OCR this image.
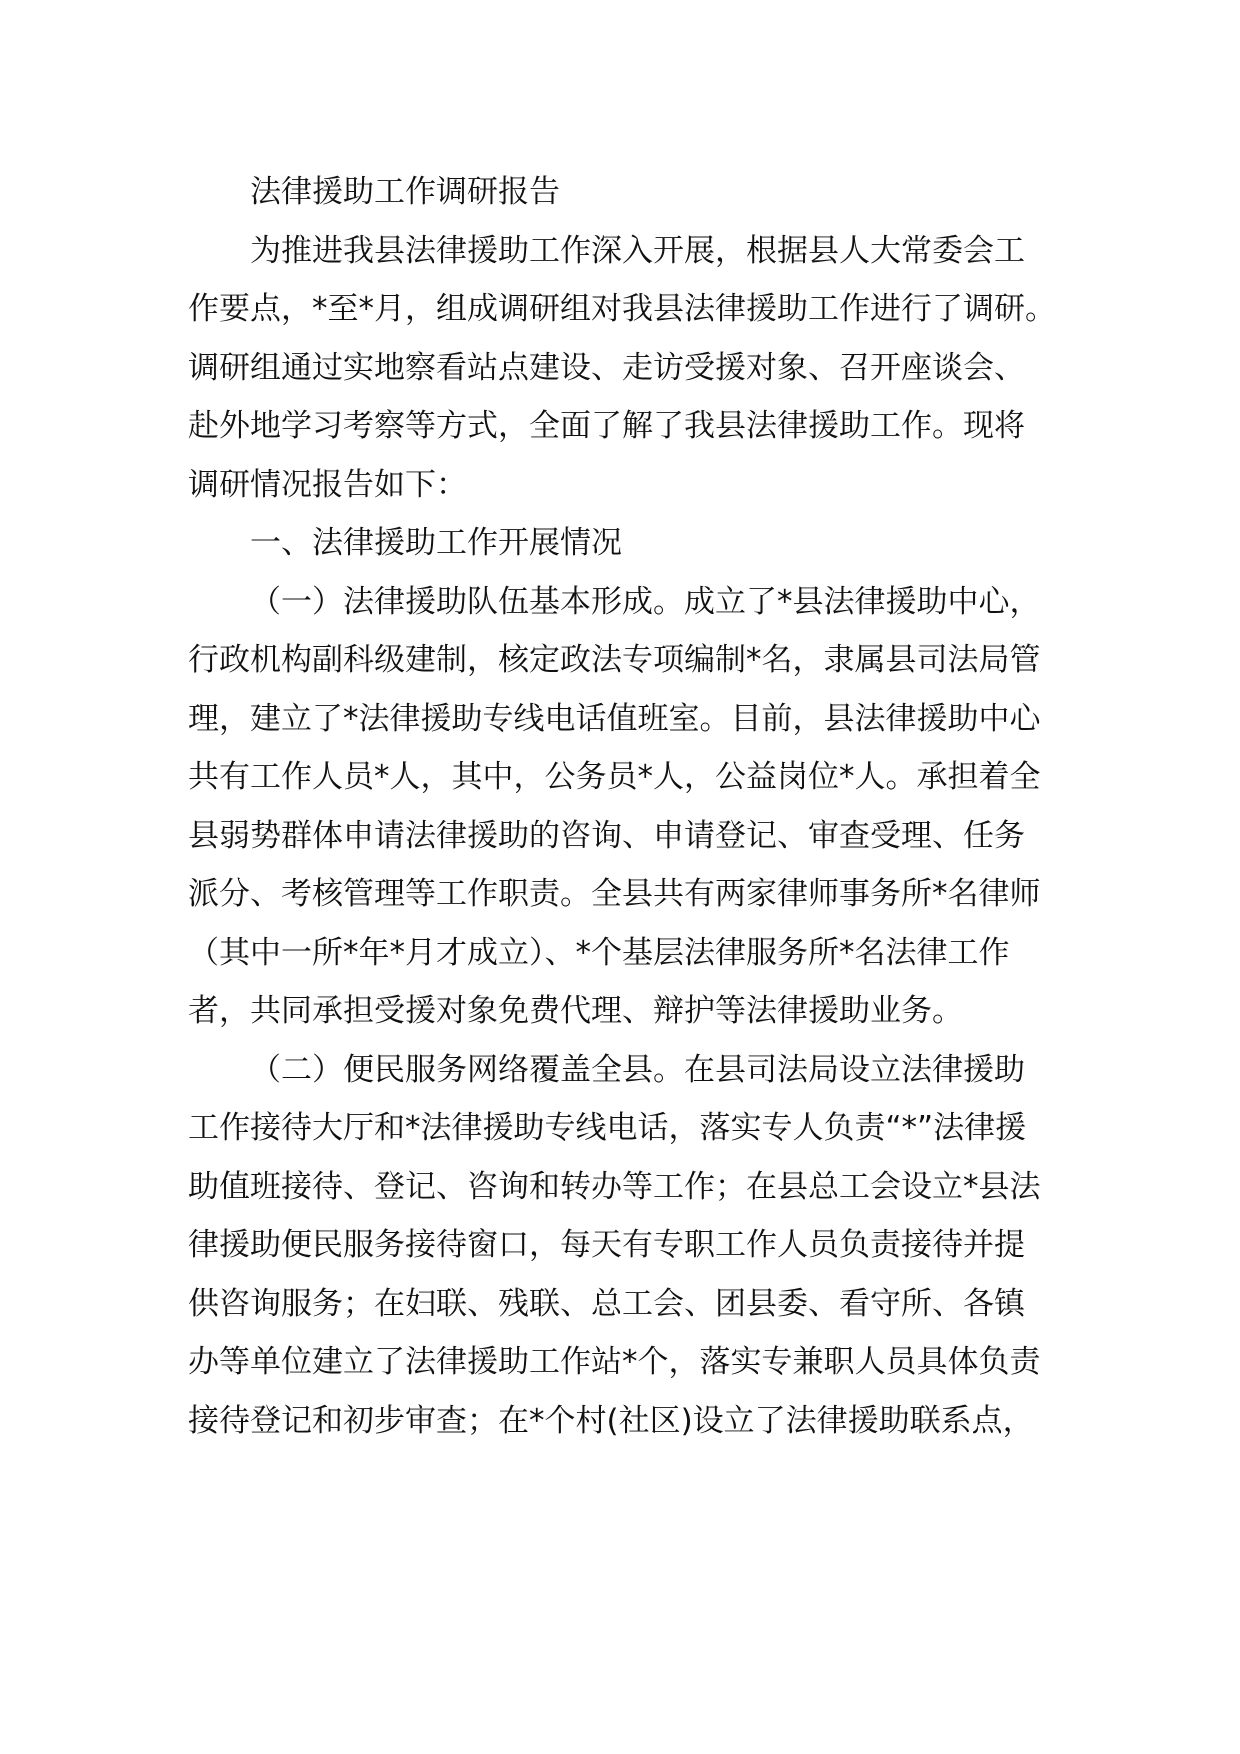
法律援助工作调研报告
为推进我县法律援助工作深入开展，根据县人大常委会工
作要点，*至*月，组成调研组对我县法律援助工作进行了调研。
调研组通过实地察看站点建设、走访受援对象、召开座谈会、
赴外地学习考察等方式，全面了解了我县法律援助工作。现将
调研情况报告如下：
一、法律援助工作开展情况
（一）法律援助队伍基本形成。成立了*县法律援助中心，
行政机构副科级建制，核定政法专项编制*名，隶属县司法局管
理，建立了*法律援助专线电话值班室。目前，县法律援助中心
共有工作人员*人，其中，公务员*人，公益岗位*人。承担着全
县弱势群体申请法律援助的咨询、申请登记、审查受理、任务
派分、考核管理等工作职责。全县共有两家律师事务所*名律师
（其中一所*年*月才成立）、*个基层法律服务所*名法律工作
者，共同承担受援对象免费代理、辩护等法律援助业务。
（二）便民服务网络覆盖全县。在县司法局设立法律援助
工作接待大厅和*法律援助专线电话，落实专人负责“*”法律援
助值班接待、登记、咨询和转办等工作；在县总工会设立*县法
律援助便民服务接待窗口，每天有专职工作人员负责接待并提
供咨询服务；在妇联、残联、总工会、团县委、看守所、各镇
办等单位建立了法律援助工作站*个，落实专兼职人员具体负责
接待登记和初步审查；在*个村(社区)设立了法律援助联系点，
